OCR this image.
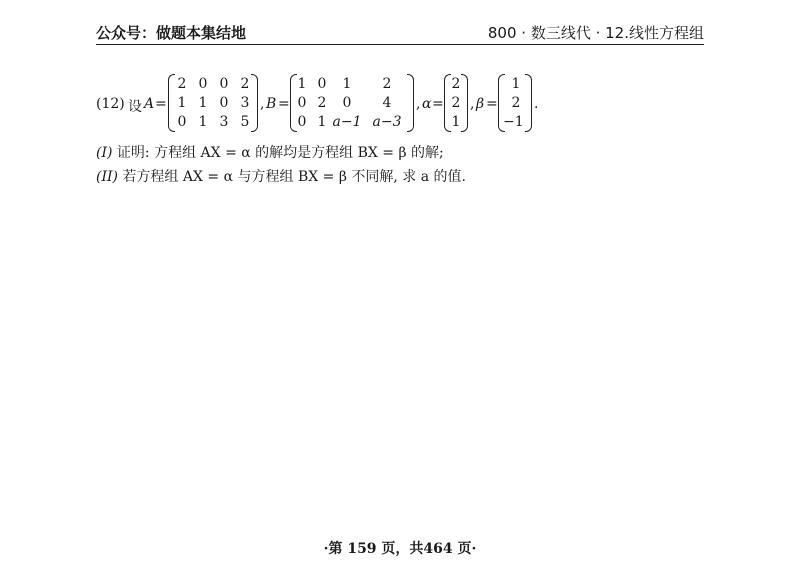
公众号：做题本集结地	800 · 数三线代 · 12.线性方程组
(12) 设 A =
2 0 0 2
1 1 0 3
0 1 3 5
, B =
1 0	1	2
0 2	0	4
0 1 a−1 a−3
, α =
2
2
1
, β =
1
2
−1
.
(I) 证明: 方程组 AX = α 的解均是方程组 BX = β 的解;
(II) 若方程组 AX = α 与方程组 BX = β 不同解, 求 a 的值.
·第 159 页，共464 页·
